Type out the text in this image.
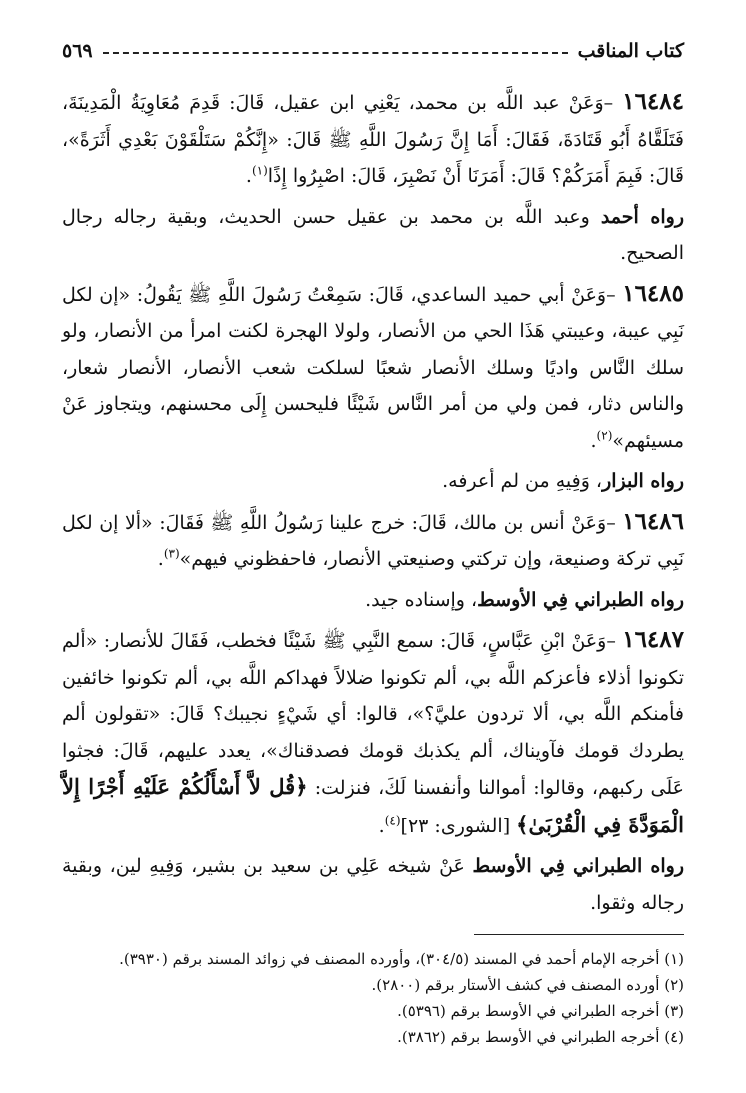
كتاب المناقب
٥٦٩

١٦٤٨٤ –وَعَنْ عبد اللَّه بن محمد، يَعْنِي ابن عقيل، قَالَ: قَدِمَ مُعَاوِيَةُ الْمَدِينَةَ، فَتَلَقَّاهُ أَبُو قَتَادَةَ، فَقَالَ: أَمَا إِنَّ رَسُولَ اللَّهِ ﷺ قَالَ: «إِنَّكُمْ سَتَلْقَوْنَ بَعْدِي أَثَرَةً»، قَالَ: فَبِمَ أَمَرَكُمْ؟ قَالَ: أَمَرَنَا أَنْ نَصْبِرَ، قَالَ: اصْبِرُوا إِذًا$^{(١)}$.

رواه أحمد وعبد اللَّه بن محمد بن عقيل حسن الحديث، وبقية رجاله رجال الصحيح.

١٦٤٨٥ –وَعَنْ أبي حميد الساعدي، قَالَ: سَمِعْتُ رَسُولَ اللَّهِ ﷺ يَقُولُ: «إن لكل نَبِي عيبة، وعيبتي هَذَا الحي من الأنصار، ولولا الهجرة لكنت امرأ من الأنصار، ولو سلك النَّاس واديًا وسلك الأنصار شعبًا لسلكت شعب الأنصار، الأنصار شعار، والناس دثار، فمن ولي من أمر النَّاس شَيْئًا فليحسن إِلَى محسنهم، ويتجاوز عَنْ مسيئهم»$^{(٢)}$.

رواه البزار، وَفِيهِ من لم أعرفه.

١٦٤٨٦ –وَعَنْ أنس بن مالك، قَالَ: خرج علينا رَسُولُ اللَّهِ ﷺ فَقَالَ: «ألا إن لكل نَبِي تركة وصنيعة، وإن تركتي وصنيعتي الأنصار، فاحفظوني فيهم»$^{(٣)}$.

رواه الطبراني فِي الأوسط، وإسناده جيد.

١٦٤٨٧ –وَعَنْ ابْنِ عَبَّاسٍ، قَالَ: سمع النَّبِي ﷺ شَيْئًا فخطب، فَقَالَ للأنصار: «ألم تكونوا أذلاء فأعزكم اللَّه بي، ألم تكونوا ضلالاً فهداكم اللَّه بي، ألم تكونوا خائفين فأمنكم اللَّه بي، ألا تردون عليَّ؟»، قالوا: أي شَيْءٍ نجيبك؟ قَالَ: «تقولون ألم يطردك قومك فآويناك، ألم يكذبك قومك فصدقناك»، يعدد عليهم، قَالَ: فجثوا عَلَى ركبهم، وقالوا: أموالنا وأنفسنا لَكَ، فنزلت: ﴿قُل لاَّ أَسْأَلُكُمْ عَلَيْهِ أَجْرًا إِلاَّ الْمَوَدَّةَ فِي الْقُرْبَىٰ﴾ [الشورى: ٢٣]$^{(٤)}$.

رواه الطبراني فِي الأوسط عَنْ شيخه عَلِي بن سعيد بن بشير، وَفِيهِ لين، وبقية رجاله وثقوا.

(١) أخرجه الإمام أحمد في المسند (٣٠٤/٥)، وأورده المصنف في زوائد المسند برقم (٣٩٣٠).
(٢) أورده المصنف في كشف الأستار برقم (٢٨٠٠).
(٣) أخرجه الطبراني في الأوسط برقم (٥٣٩٦).
(٤) أخرجه الطبراني في الأوسط برقم (٣٨٦٢).
